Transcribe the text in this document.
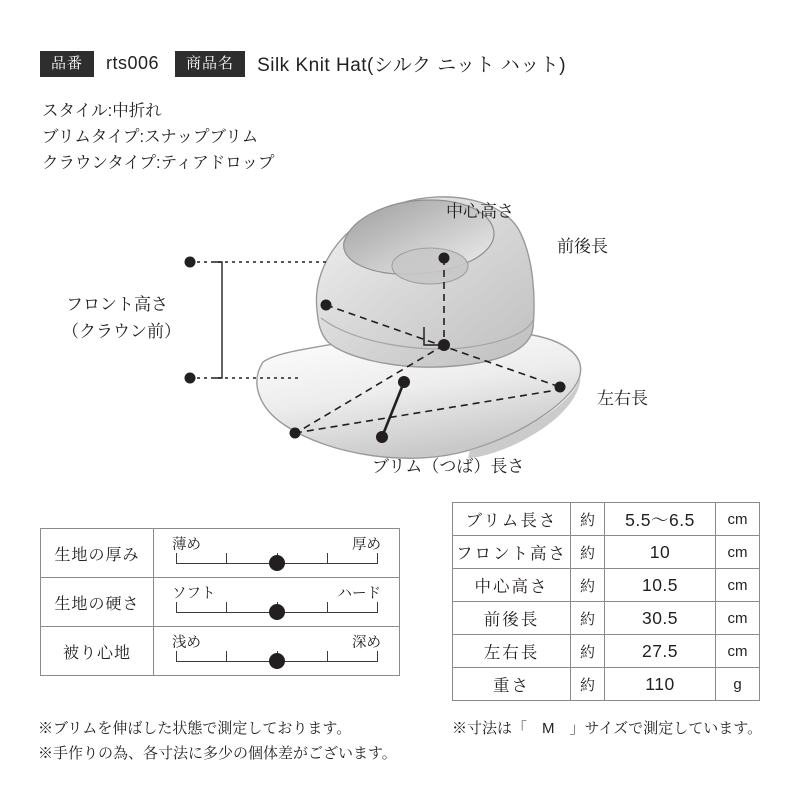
品番	rts006	商品名	Silk Knit Hat(シルク ニット ハット)
スタイル:中折れ
ブリムタイプ:スナップブリム
クラウンタイプ:ティアドロップ
中心高さ
前後長
左右長
ブリム（つば）長さ
フロント高さ
（クラウン前）
生地の厚み	薄め 厚め

生地の硬さ	ソフト ハード

被り心地	浅め 深め
ブリム長さ	約	5.5〜6.5	cm
フロント高さ	約	10	cm
中心高さ	約	10.5	cm
前後長	約	30.5	cm
左右長	約	27.5	cm
重さ	約	110	g
※ブリムを伸ばした状態で測定しております。
※手作りの為、各寸法に多少の個体差がございます。
※寸法は「　M　」サイズで測定しています。
